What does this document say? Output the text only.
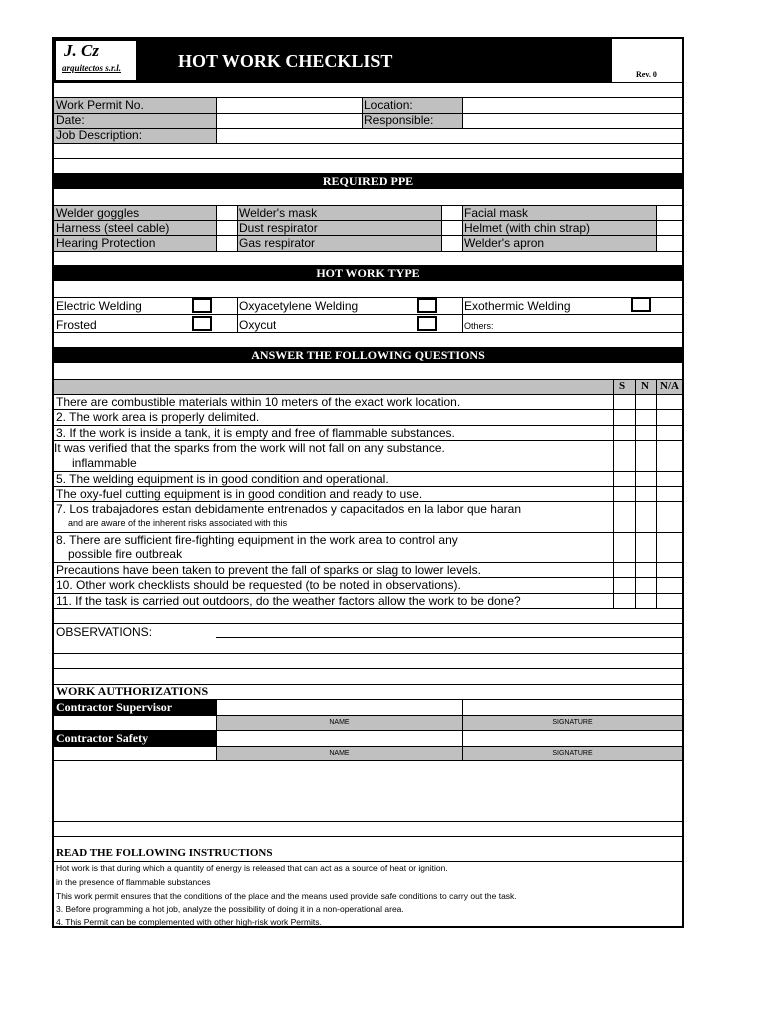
J. Cz
arquitectos s.r.l.	HOT WORK CHECKLIST
Rev. 0
Work Permit No.	Location:
Date:	Responsible:
Job Description:
REQUIRED PPE
Welder goggles	Welder's mask	Facial mask
Harness (steel cable)	Dust respirator	Helmet (with chin strap)
Hearing Protection	Gas respirator	Welder's apron
HOT WORK TYPE
Electric Welding	Oxyacetylene Welding	Exothermic Welding
Frosted	Oxycut	Others:
ANSWER THE FOLLOWING QUESTIONS
S N N/A
There are combustible materials within 10 meters of the exact work location.
2. The work area is properly delimited.
3. If the work is inside a tank, it is empty and free of flammable substances.
It was verified that the sparks from the work will not fall on any substance.
inflammable
5. The welding equipment is in good condition and operational.
The oxy-fuel cutting equipment is in good condition and ready to use.
7. Los trabajadores estan debidamente entrenados y capacitados en la labor que haran
and are aware of the inherent risks associated with this
8. There are sufficient fire-fighting equipment in the work area to control any
possible fire outbreak
Precautions have been taken to prevent the fall of sparks or slag to lower levels.
10. Other work checklists should be requested (to be noted in observations).
11. If the task is carried out outdoors, do the weather factors allow the work to be done?
OBSERVATIONS:
WORK AUTHORIZATIONS
Contractor Supervisor
NAME	SIGNATURE
Contractor Safety
NAME	SIGNATURE
READ THE FOLLOWING INSTRUCTIONS
Hot work is that during which a quantity of energy is released that can act as a source of heat or ignition.
in the presence of flammable substances
This work permit ensures that the conditions of the place and the means used provide safe conditions to carry out the task.
3. Before programming a hot job, analyze the possibility of doing it in a non-operational area.
4. This Permit can be complemented with other high-risk work Permits.
